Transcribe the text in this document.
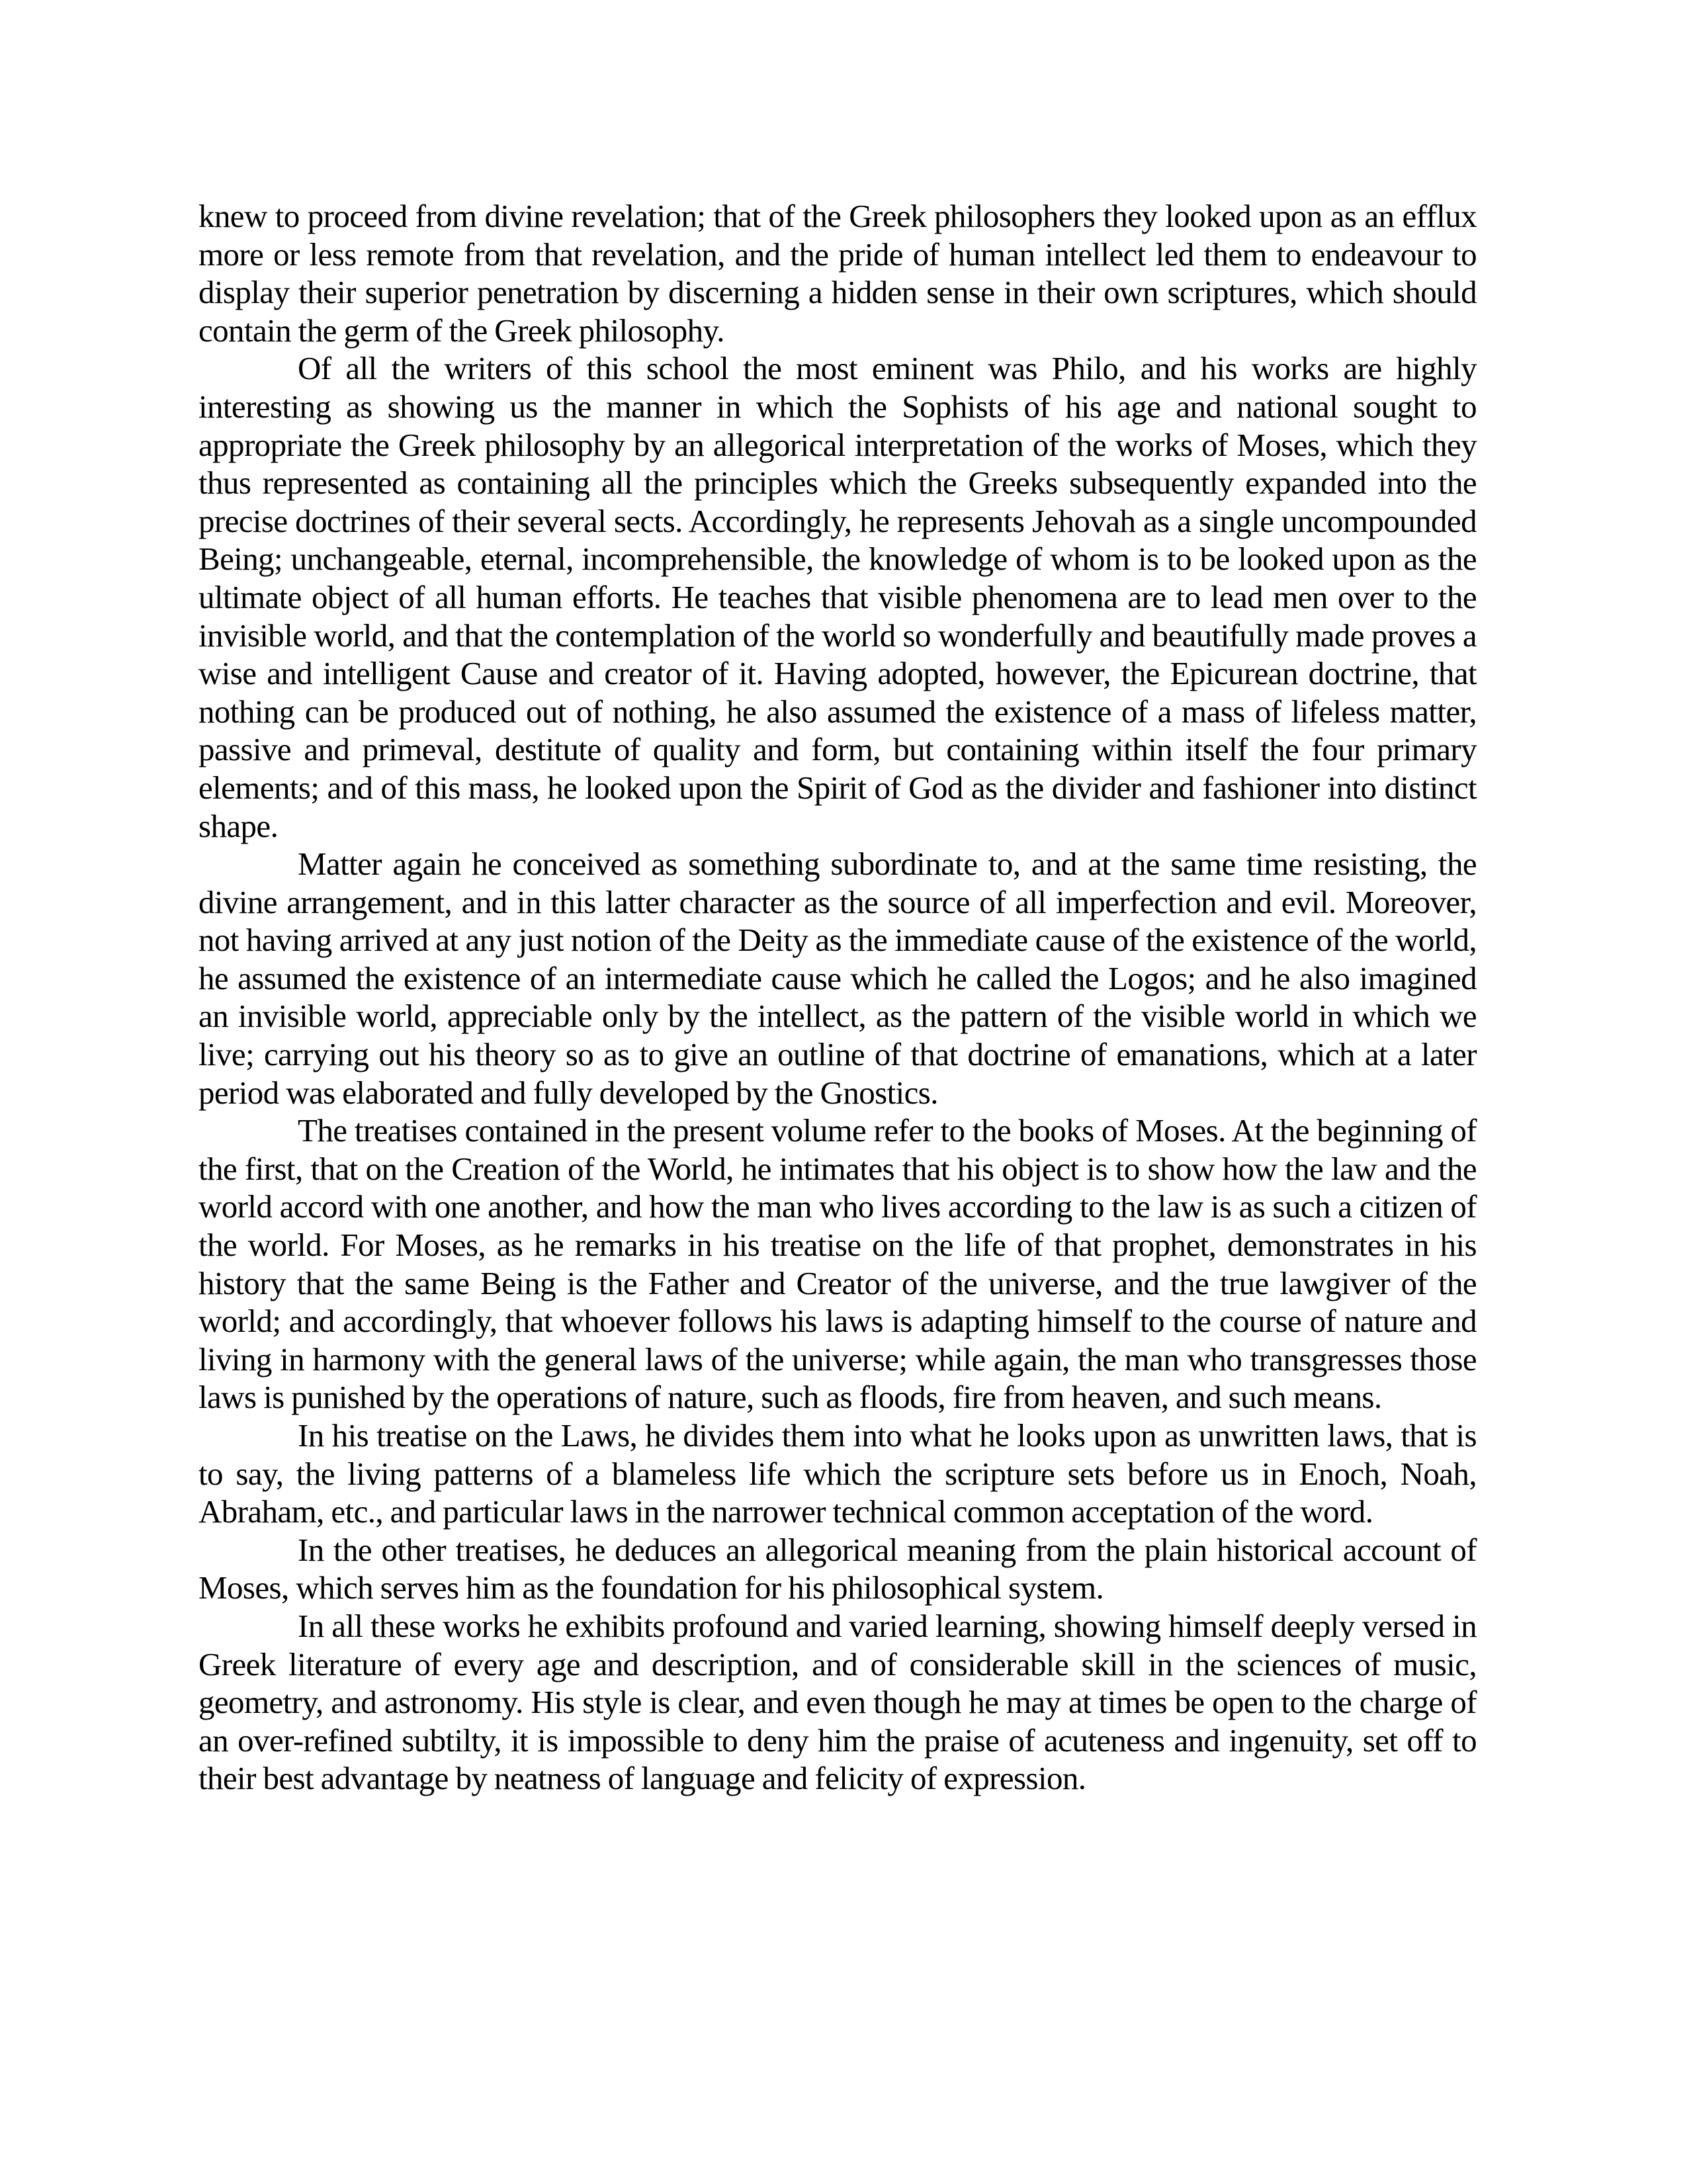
knew to proceed from divine revelation; that of the Greek philosophers they looked upon as an efflux more or less remote from that revelation, and the pride of human intellect led them to endeavour to display their superior penetration by discerning a hidden sense in their own scriptures, which should contain the germ of the Greek philosophy.

Of all the writers of this school the most eminent was Philo, and his works are highly interesting as showing us the manner in which the Sophists of his age and national sought to appropriate the Greek philosophy by an allegorical interpretation of the works of Moses, which they thus represented as containing all the principles which the Greeks subsequently expanded into the precise doctrines of their several sects. Accordingly, he represents Jehovah as a single uncompounded Being; unchangeable, eternal, incomprehensible, the knowledge of whom is to be looked upon as the ultimate object of all human efforts. He teaches that visible phenomena are to lead men over to the invisible world, and that the contemplation of the world so wonderfully and beautifully made proves a wise and intelligent Cause and creator of it. Having adopted, however, the Epicurean doctrine, that nothing can be produced out of nothing, he also assumed the existence of a mass of lifeless matter, passive and primeval, destitute of quality and form, but containing within itself the four primary elements; and of this mass, he looked upon the Spirit of God as the divider and fashioner into distinct shape.

Matter again he conceived as something subordinate to, and at the same time resisting, the divine arrangement, and in this latter character as the source of all imperfection and evil. Moreover, not having arrived at any just notion of the Deity as the immediate cause of the existence of the world, he assumed the existence of an intermediate cause which he called the Logos; and he also imagined an invisible world, appreciable only by the intellect, as the pattern of the visible world in which we live; carrying out his theory so as to give an outline of that doctrine of emanations, which at a later period was elaborated and fully developed by the Gnostics.

The treatises contained in the present volume refer to the books of Moses. At the beginning of the first, that on the Creation of the World, he intimates that his object is to show how the law and the world accord with one another, and how the man who lives according to the law is as such a citizen of the world. For Moses, as he remarks in his treatise on the life of that prophet, demonstrates in his history that the same Being is the Father and Creator of the universe, and the true lawgiver of the world; and accordingly, that whoever follows his laws is adapting himself to the course of nature and living in harmony with the general laws of the universe; while again, the man who transgresses those laws is punished by the operations of nature, such as floods, fire from heaven, and such means.

In his treatise on the Laws, he divides them into what he looks upon as unwritten laws, that is to say, the living patterns of a blameless life which the scripture sets before us in Enoch, Noah, Abraham, etc., and particular laws in the narrower technical common acceptation of the word.

In the other treatises, he deduces an allegorical meaning from the plain historical account of Moses, which serves him as the foundation for his philosophical system.

In all these works he exhibits profound and varied learning, showing himself deeply versed in Greek literature of every age and description, and of considerable skill in the sciences of music, geometry, and astronomy. His style is clear, and even though he may at times be open to the charge of an over-refined subtilty, it is impossible to deny him the praise of acuteness and ingenuity, set off to their best advantage by neatness of language and felicity of expression.
